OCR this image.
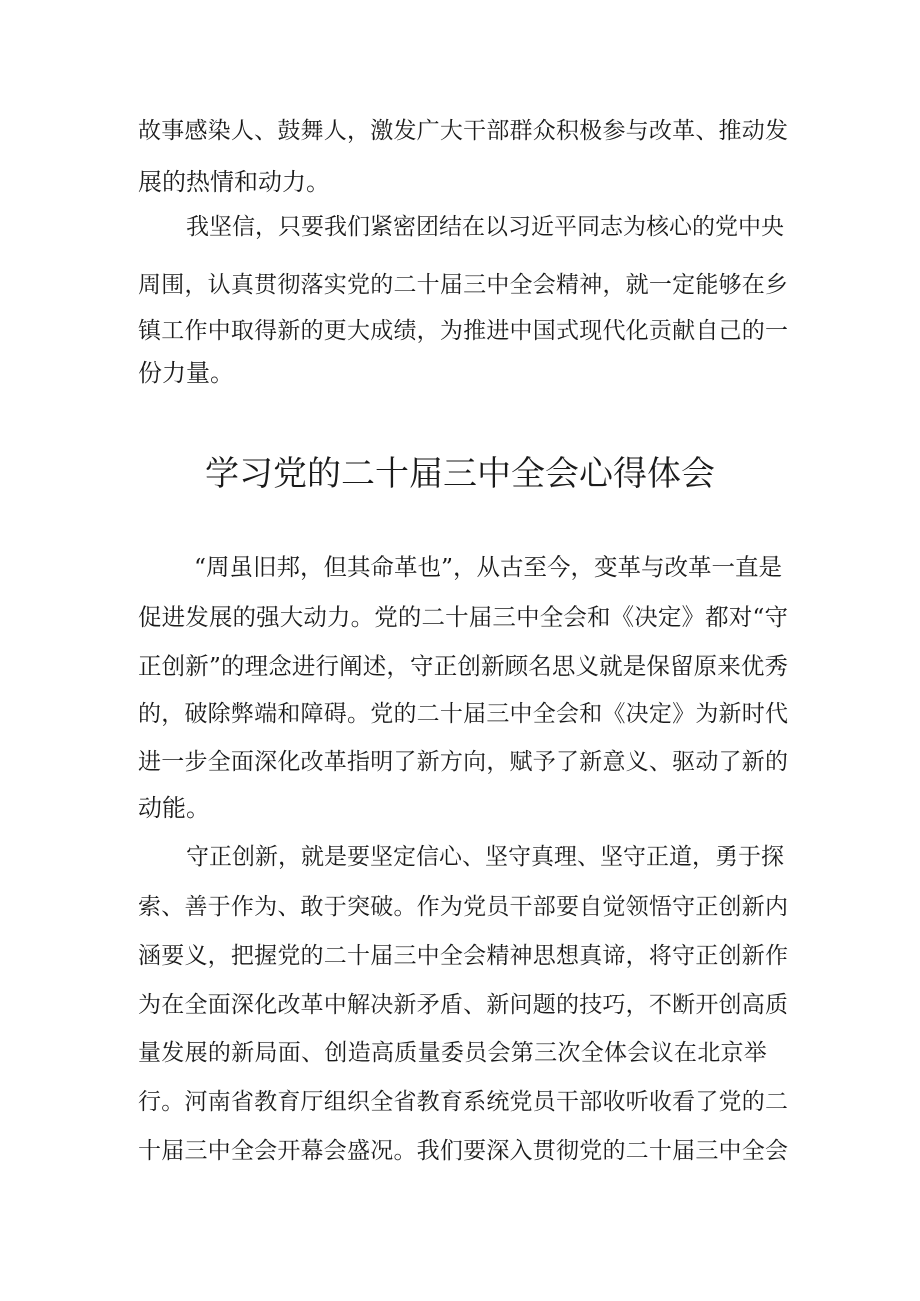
故事感染人、鼓舞人，激发广大干部群众积极参与改革、推动发
展的热情和动力。
我坚信，只要我们紧密团结在以习近平同志为核心的党中央
周围，认真贯彻落实党的二十届三中全会精神，就一定能够在乡
镇工作中取得新的更大成绩，为推进中国式现代化贡献自己的一
份力量。
学习党的二十届三中全会心得体会
“周虽旧邦，但其命革也”，从古至今，变革与改革一直是
促进发展的强大动力。党的二十届三中全会和《决定》都对“守
正创新”的理念进行阐述，守正创新顾名思义就是保留原来优秀
的，破除弊端和障碍。党的二十届三中全会和《决定》为新时代
进一步全面深化改革指明了新方向，赋予了新意义、驱动了新的
动能。
守正创新，就是要坚定信心、坚守真理、坚守正道，勇于探
索、善于作为、敢于突破。作为党员干部要自觉领悟守正创新内
涵要义，把握党的二十届三中全会精神思想真谛，将守正创新作
为在全面深化改革中解决新矛盾、新问题的技巧，不断开创高质
量发展的新局面、创造高质量委员会第三次全体会议在北京举
行。河南省教育厅组织全省教育系统党员干部收听收看了党的二
十届三中全会开幕会盛况。我们要深入贯彻党的二十届三中全会
